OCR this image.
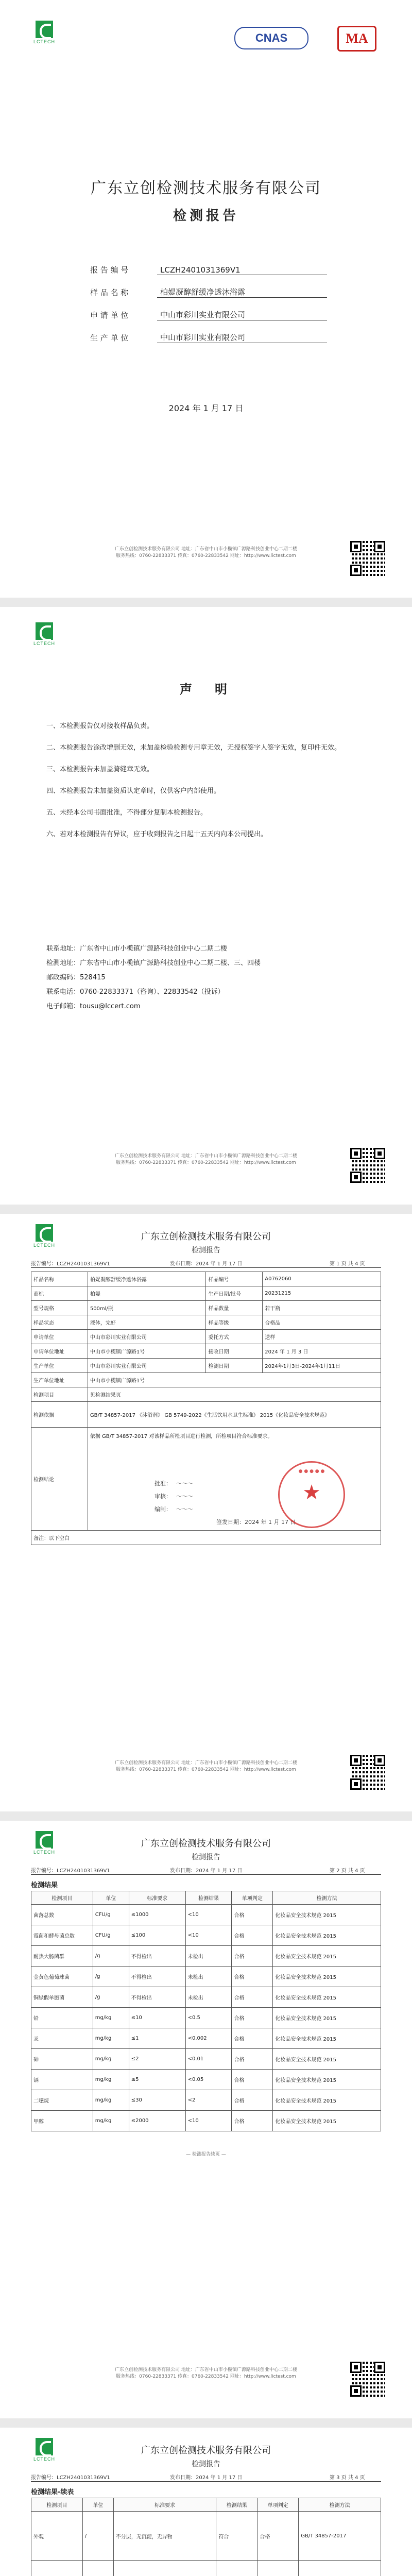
LCTECH	CNAS	MA
广东立创检测技术服务有限公司
检测报告
报 告 编 号	LCZH2401031369V1
样 品 名 称	柏媞凝醇舒缓净透沐浴露
申 请 单 位	中山市彩川实业有限公司
生 产 单 位	中山市彩川实业有限公司
2024 年 1 月 17 日
广东立创检测技术服务有限公司 地址：广东省中山市小榄镇广源路科技创业中心二期二楼
服务热线：0760-22833371 传真：0760-22833542 网址：http://www.lictest.com
LCTECH
声　明
一、本检测报告仅对接收样品负责。
二、本检测报告涂改增删无效，未加盖检验检测专用章无效，无授权签字人签字无效，复印件无效。
三、本检测报告未加盖骑缝章无效。
四、本检测报告未加盖资质认定章时，仅供客户内部使用。
五、未经本公司书面批准，不得部分复制本检测报告。
六、若对本检测报告有异议，应于收到报告之日起十五天内向本公司提出。
联系地址：广东省中山市小榄镇广源路科技创业中心二期二楼
检测地址：广东省中山市小榄镇广源路科技创业中心二期二楼、三、四楼
邮政编码：528415
联系电话：0760-22833371（咨询）、22833542（投诉）
电子邮箱：tousu@lccert.com
广东立创检测技术服务有限公司 地址：广东省中山市小榄镇广源路科技创业中心二期二楼
服务热线：0760-22833371 传真：0760-22833542 网址：http://www.lictest.com
LCTECH
广东立创检测技术服务有限公司
检测报告
报告编号：LCZH2401031369V1	发布日期：2024 年 1 月 17 日	第 1 页 共 4 页
样品名称	柏媞凝醇舒缓净透沐浴露	样品编号	A0762060
商标	柏媞	生产日期/批号	20231215
型号规格	500ml/瓶	样品数量	若干瓶
样品状态	液体，完好	样品等级	合格品
申请单位	中山市彩川实业有限公司	委托方式	送样
申请单位地址	中山市小榄镇广源路1号	接收日期	2024 年 1 月 3 日
生产单位	中山市彩川实业有限公司	检测日期	2024年1月3日-2024年1月11日
生产单位地址	中山市小榄镇广源路1号		
检测项目	见检测结果页		
检测依据	GB/T 34857-2017 《沐浴剂》 GB 5749-2022《生活饮用水卫生标准》 2015《化妆品安全技术规范》		
检测结论	依据 GB/T 34857-2017 对该样品所检项目进行检测，所检项目符合标准要求。		

备注：以下空白			
批准： ～～～
审核： ～～～
编制： ～～～
签发日期：2024 年 1 月 17 日
● ● ● ● ●
★
广东立创检测技术服务有限公司 地址：广东省中山市小榄镇广源路科技创业中心二期二楼
服务热线：0760-22833371 传真：0760-22833542 网址：http://www.lictest.com
LCTECH
广东立创检测技术服务有限公司
检测报告
报告编号：LCZH2401031369V1	发布日期：2024 年 1 月 17 日	第 2 页 共 4 页
检测结果
检测项目	单位	标准要求	检测结果	单项判定	检测方法
菌落总数	CFU/g	≤1000	<10	合格	化妆品安全技术规范 2015
霉菌和酵母菌总数	CFU/g	≤100	<10	合格	化妆品安全技术规范 2015
耐热大肠菌群	/g	不得检出	未检出	合格	化妆品安全技术规范 2015
金黄色葡萄球菌	/g	不得检出	未检出	合格	化妆品安全技术规范 2015
铜绿假单胞菌	/g	不得检出	未检出	合格	化妆品安全技术规范 2015
铅	mg/kg	≤10	<0.5	合格	化妆品安全技术规范 2015
汞	mg/kg	≤1	<0.002	合格	化妆品安全技术规范 2015
砷	mg/kg	≤2	<0.01	合格	化妆品安全技术规范 2015
镉	mg/kg	≤5	<0.05	合格	化妆品安全技术规范 2015
二噁烷	mg/kg	≤30	<2	合格	化妆品安全技术规范 2015
甲醇	mg/kg	≤2000	<10	合格	化妆品安全技术规范 2015
— 检测报告续页 —
广东立创检测技术服务有限公司 地址：广东省中山市小榄镇广源路科技创业中心二期二楼
服务热线：0760-22833371 传真：0760-22833542 网址：http://www.lictest.com
LCTECH
广东立创检测技术服务有限公司
检测报告
报告编号：LCZH2401031369V1	发布日期：2024 年 1 月 17 日	第 3 页 共 4 页
检测结果-续表
检测项目	单位	标准要求	检测结果	单项判定	检测方法
外观	/	不分层，无沉淀，无异物	符合	合格	GB/T 34857-2017
